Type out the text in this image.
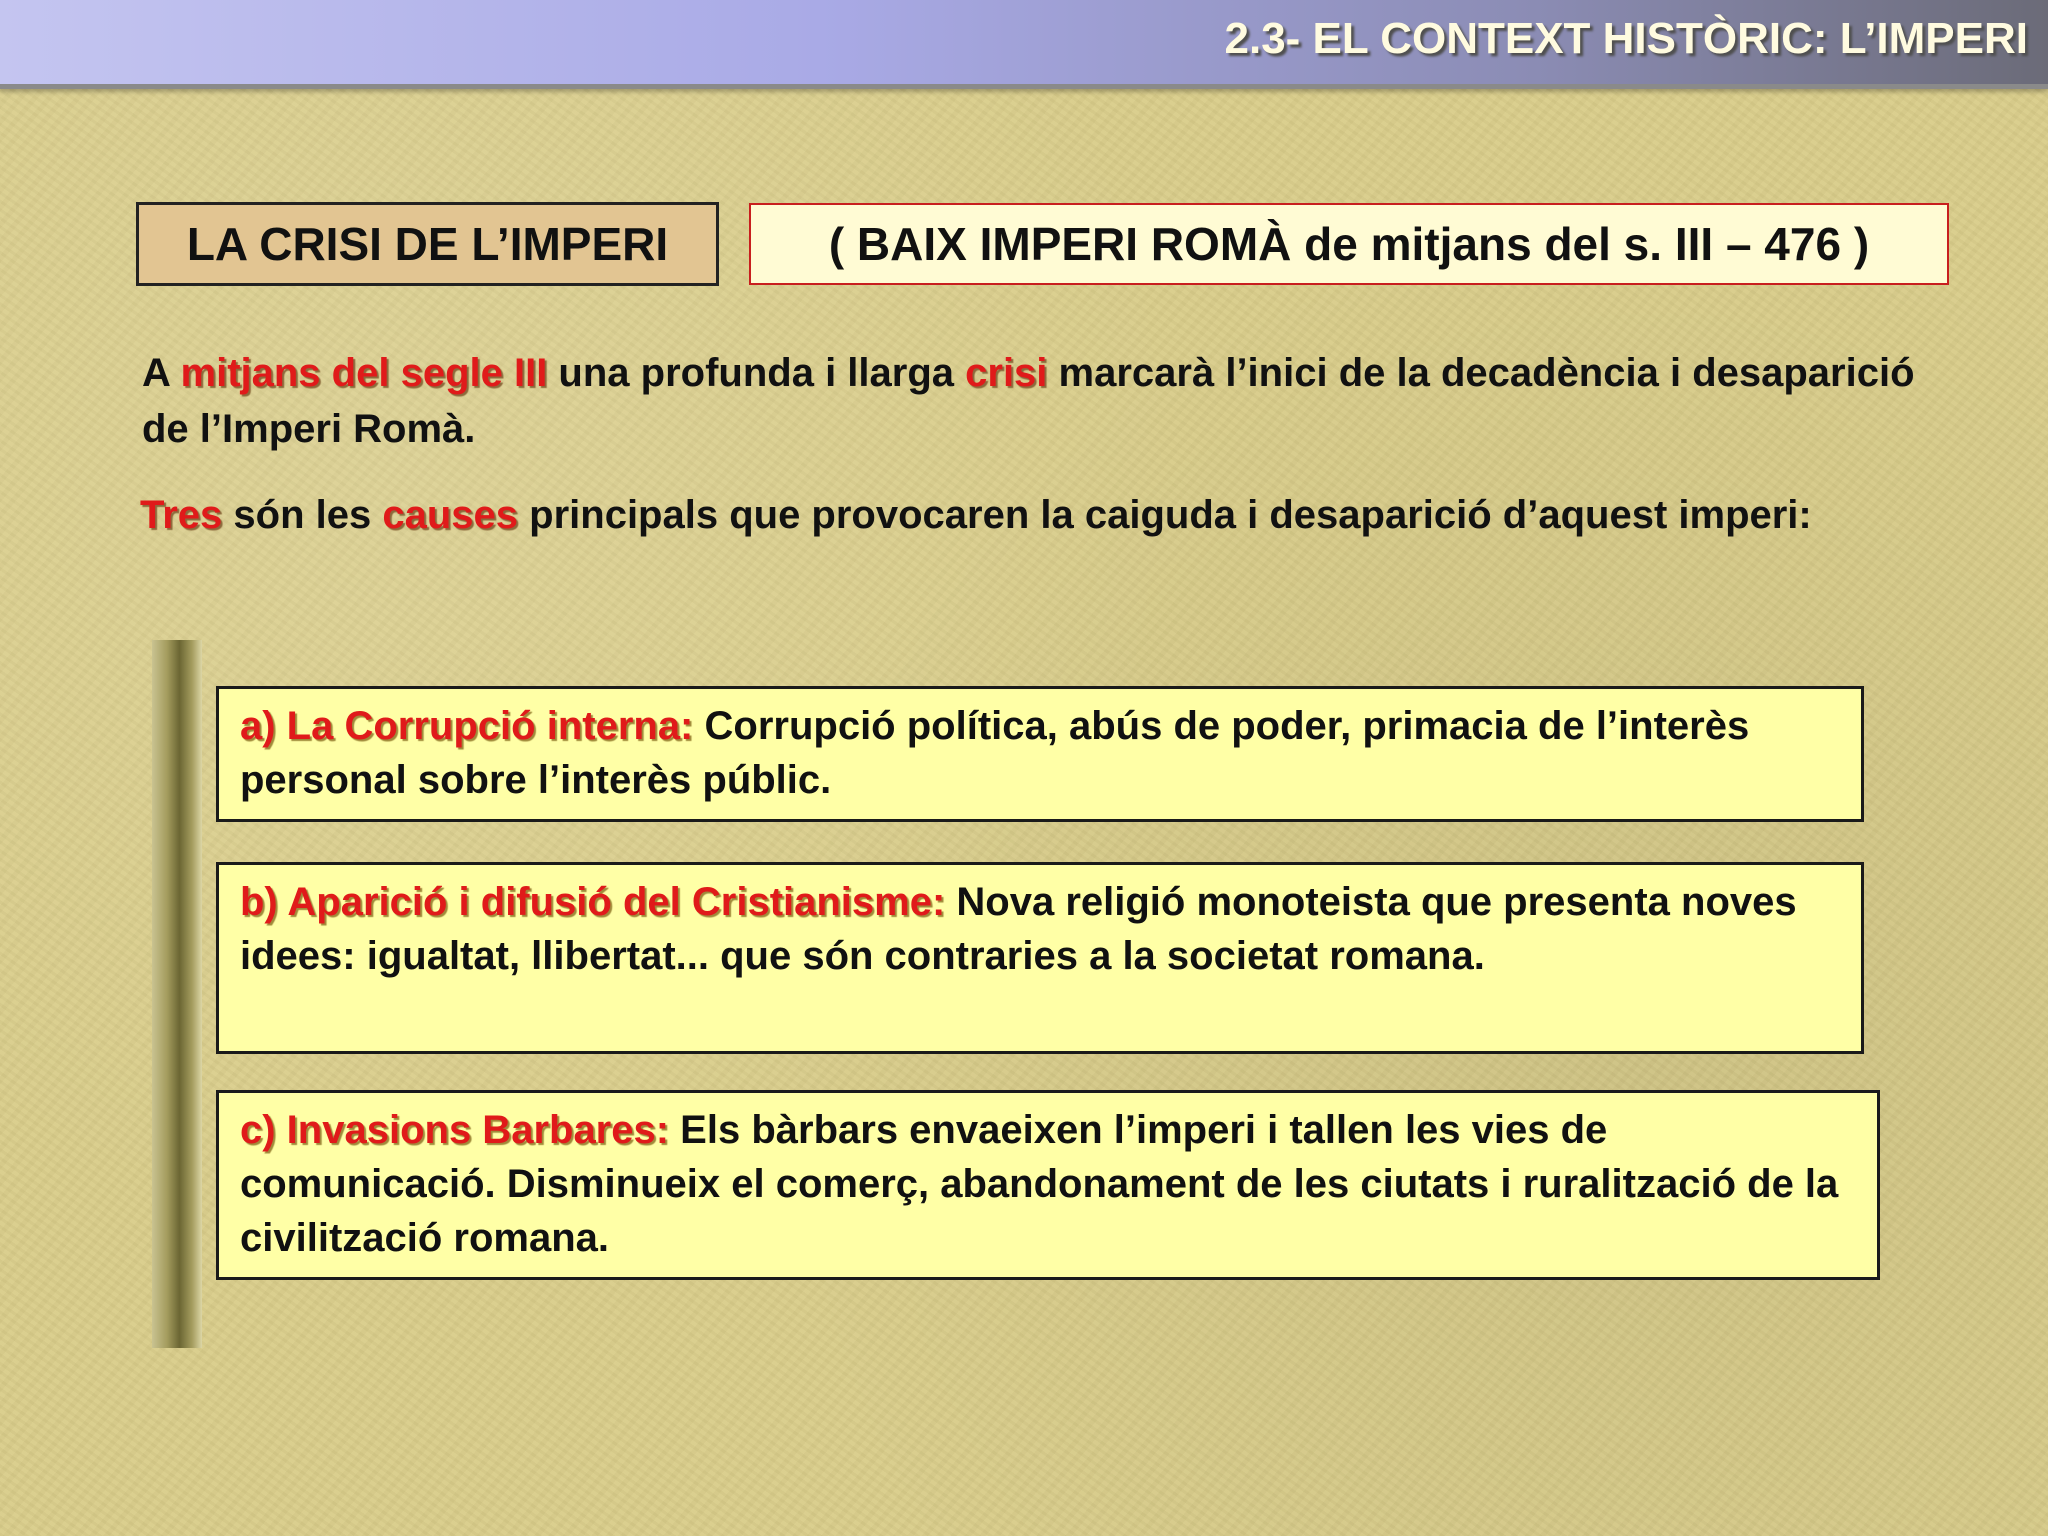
2.3- EL CONTEXT HISTÒRIC: L’IMPERI
LA CRISI DE L’IMPERI	( BAIX IMPERI ROMÀ de mitjans del s. III – 476 )
A mitjans del segle III una profunda i llarga crisi marcarà l’inici de la decadència i desaparició de l’Imperi Romà.
Tres són les causes principals que provocaren la caiguda i desaparició d’aquest imperi:
a) La Corrupció interna: Corrupció política, abús de poder, primacia de l’interès personal sobre l’interès públic.
b) Aparició i difusió del Cristianisme: Nova religió monoteista que presenta noves idees: igualtat, llibertat... que són contraries a la societat romana.
c) Invasions Barbares: Els bàrbars envaeixen l’imperi i tallen les vies de comunicació. Disminueix el comerç, abandonament de les ciutats i ruralització de la civilització romana.
